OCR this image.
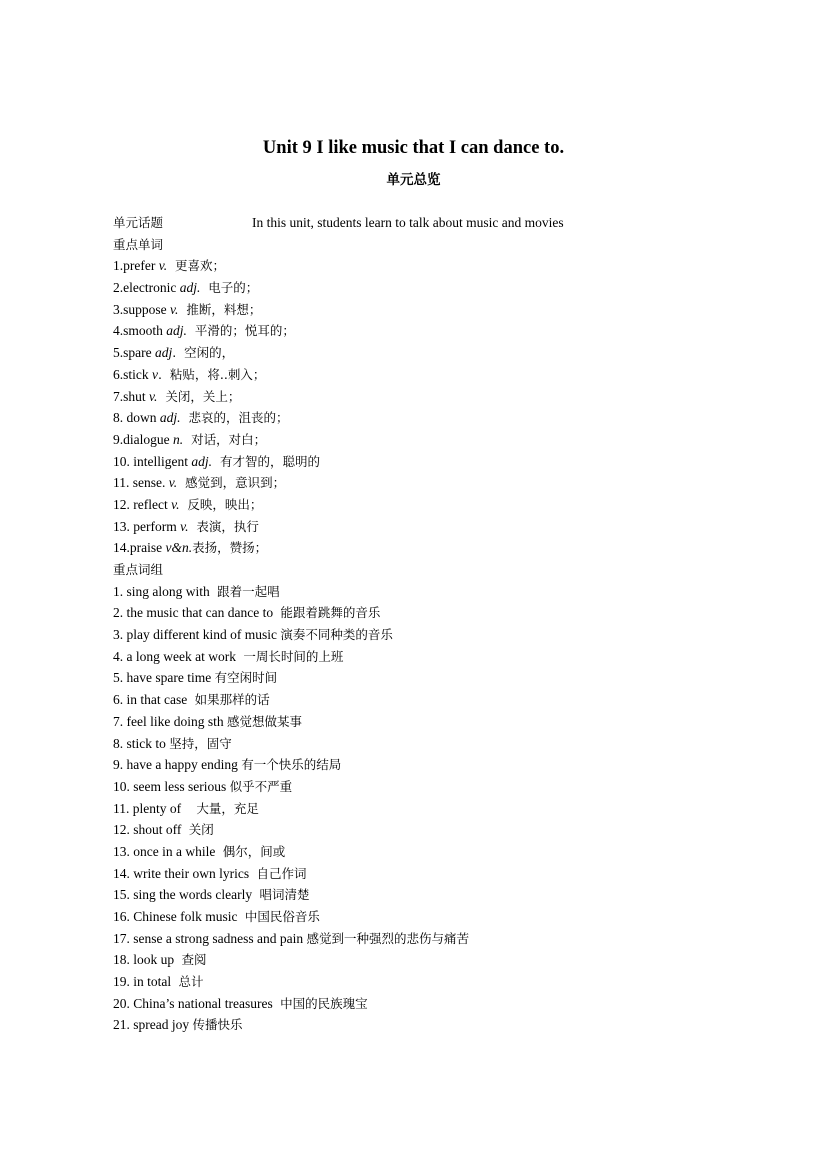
Unit 9 I like music that I can dance to.
单元总览
单元话题	In this unit, students learn to talk about music and movies
重点单词
1.prefer v.  更喜欢；
2.electronic adj.  电子的；
3.suppose v.  推断，料想；
4.smooth adj.  平滑的；悦耳的；
5.spare adj.  空闲的，
6.stick v.  粘贴，将..刺入；
7.shut v.  关闭，关上；
8. down adj.  悲哀的，沮丧的；
9.dialogue n.  对话，对白；
10. intelligent adj.  有才智的，聪明的
11. sense. v.  感觉到，意识到；
12. reflect v.  反映，映出；
13. perform v.  表演，执行
14.praise v&n.表扬，赞扬；
重点词组
1. sing along with  跟着一起唱
2. the music that can dance to  能跟着跳舞的音乐
3. play different kind of music 演奏不同种类的音乐
4. a long week at work  一周长时间的上班
5. have spare time 有空闲时间
6. in that case  如果那样的话
7. feel like doing sth 感觉想做某事
8. stick to 坚持，固守
9. have a happy ending 有一个快乐的结局
10. seem less serious 似乎不严重
11. plenty of    大量，充足
12. shout off  关闭
13. once in a while  偶尔，间或
14. write their own lyrics  自己作词
15. sing the words clearly  唱词清楚
16. Chinese folk music  中国民俗音乐
17. sense a strong sadness and pain 感觉到一种强烈的悲伤与痛苦
18. look up  查阅
19. in total  总计
20. China’s national treasures  中国的民族瑰宝
21. spread joy 传播快乐
